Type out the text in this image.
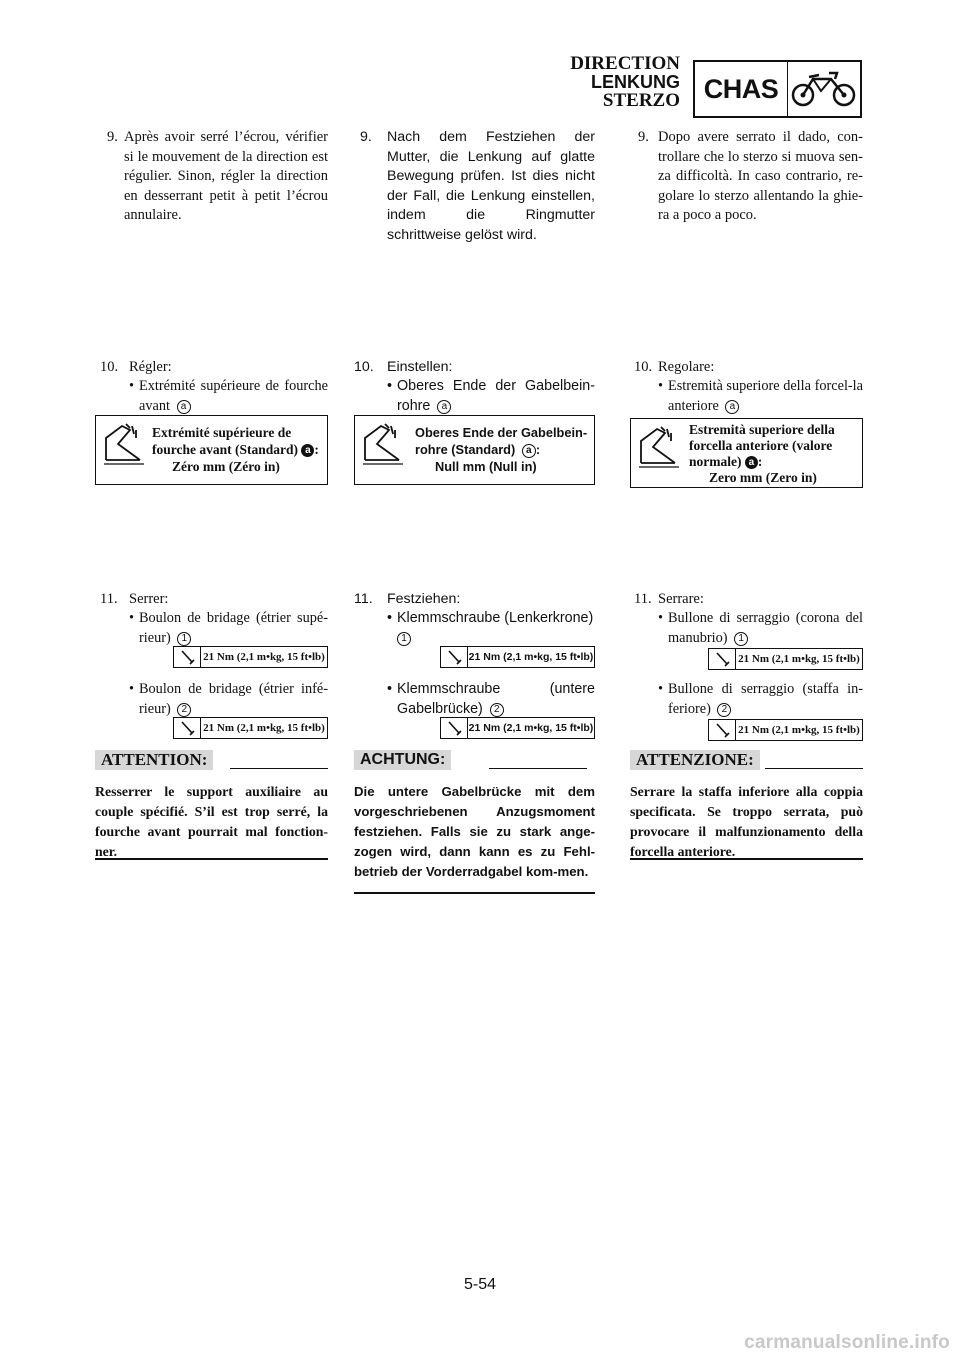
DIRECTION
LENKUNG
STERZO CHAS
9. Après avoir serré l’écrou, vérifier si le mouvement de la direction est régulier. Sinon, régler la direction en desserrant petit à petit l’écrou annulaire.
10. Régler:
• Extrémité supérieure de fourche avant a
Extrémité supérieure de
fourche avant (Standard) a :
Zéro mm (Zéro in)
11. Serrer:
• Boulon de bridage (étrier supé-rieur) 1
21 Nm (2,1 m•kg, 15 ft•lb)
• Boulon de bridage (étrier infé-rieur) 2
21 Nm (2,1 m•kg, 15 ft•lb)
ATTENTION:
Resserrer le support auxiliaire au couple spécifié. S’il est trop serré, la fourche avant pourrait mal fonction-ner.
9.	Nach dem Festziehen der Mutter, die Lenkung auf glatte Bewegung prüfen. Ist dies nicht der Fall, die Lenkung einstellen, indem die Ringmutter schrittweise gelöst wird.
10. Einstellen:
• Oberes Ende der Gabelbein-rohre a
Oberes Ende der Gabelbein-
rohre (Standard) a :
Null mm (Null in)
11.	Festziehen:
• Klemmschraube (Lenkerkrone)
1
21 Nm (2,1 m•kg, 15 ft•lb)
• Klemmschraube	(untere
Gabelbrücke) 2
21 Nm (2,1 m•kg, 15 ft•lb)
ACHTUNG:
Die untere Gabelbrücke mit dem vorgeschriebenen Anzugsmoment festziehen. Falls sie zu stark ange-zogen wird, dann kann es zu Fehl-betrieb der Vorderradgabel kom-men.
9. Dopo avere serrato il dado, con-trollare che lo sterzo si muova sen-za difficoltà. In caso contrario, re-golare lo sterzo allentando la ghie-ra a poco a poco.
10. Regolare:
• Estremità superiore della forcel-la anteriore a
Estremità superiore della
forcella anteriore (valore
normale) a :
Zero mm (Zero in)
11. Serrare:
• Bullone di serraggio (corona del manubrio) 1
21 Nm (2,1 m•kg, 15 ft•lb)
• Bullone di serraggio (staffa in-feriore) 2
21 Nm (2,1 m•kg, 15 ft•lb)
ATTENZIONE:
Serrare la staffa inferiore alla coppia specificata. Se troppo serrata, può provocare il malfunzionamento della forcella anteriore.
5-54
carmanualsonline.info
